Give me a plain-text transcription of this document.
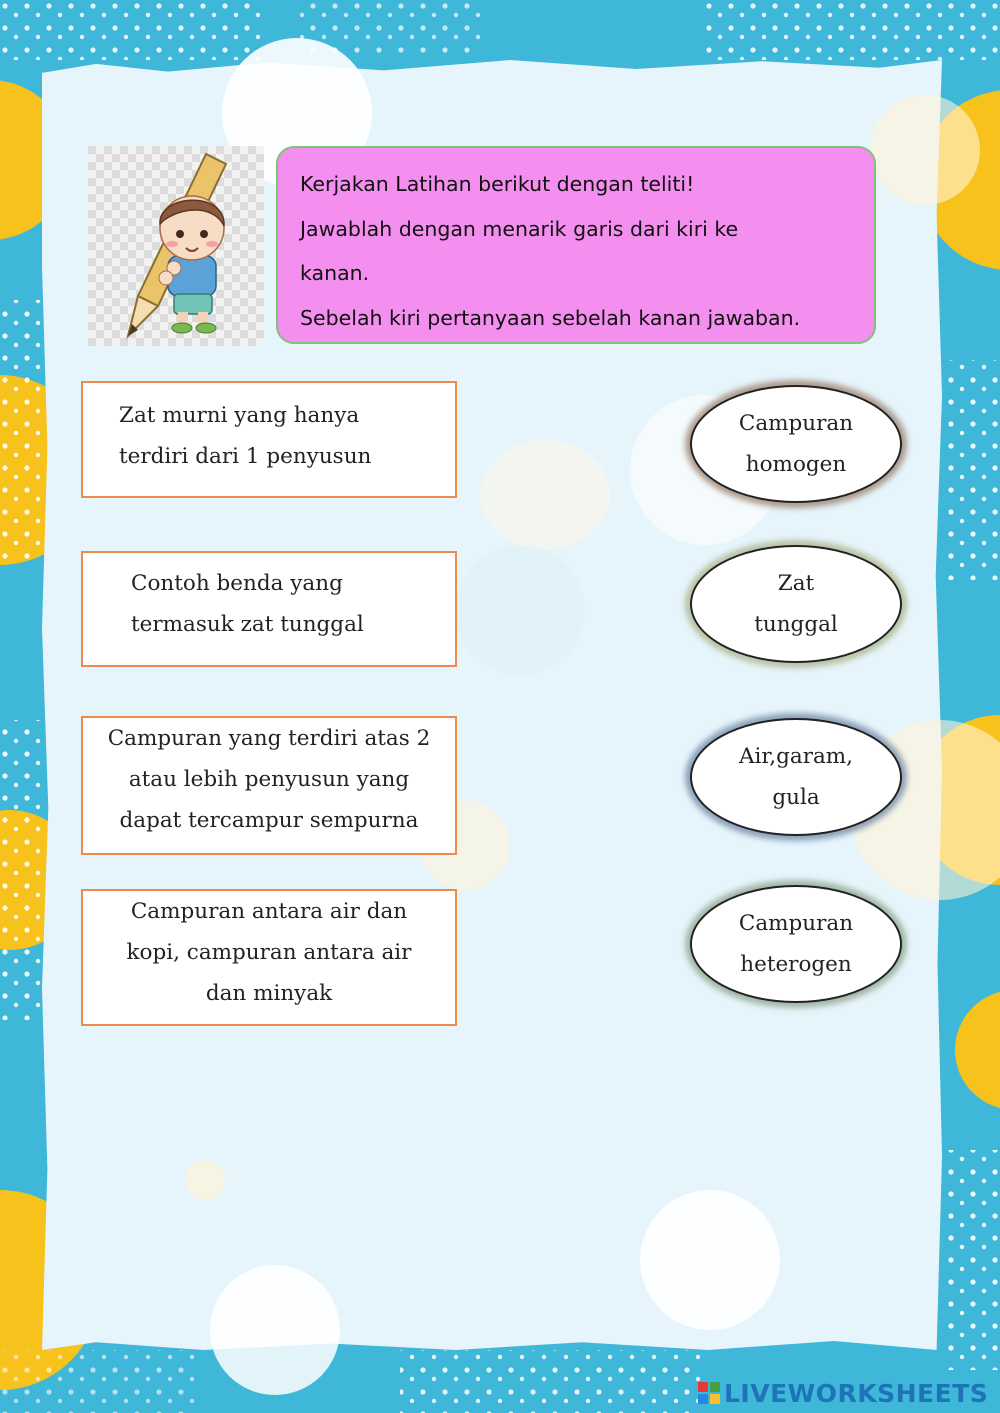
Kerjakan Latihan berikut dengan teliti!
Jawablah dengan menarik garis dari kiri ke
kanan.
Sebelah kiri pertanyaan sebelah kanan jawaban.
Zat murni yang hanya
terdiri dari 1 penyusun
Contoh benda yang
termasuk zat tunggal
Campuran yang terdiri atas 2
atau lebih penyusun yang
dapat tercampur sempurna
Campuran antara air dan
kopi, campuran antara air
dan minyak
Campuran
homogen
Zat
tunggal
Air,garam,
gula
Campuran
heterogen
LIVEWORKSHEETS
